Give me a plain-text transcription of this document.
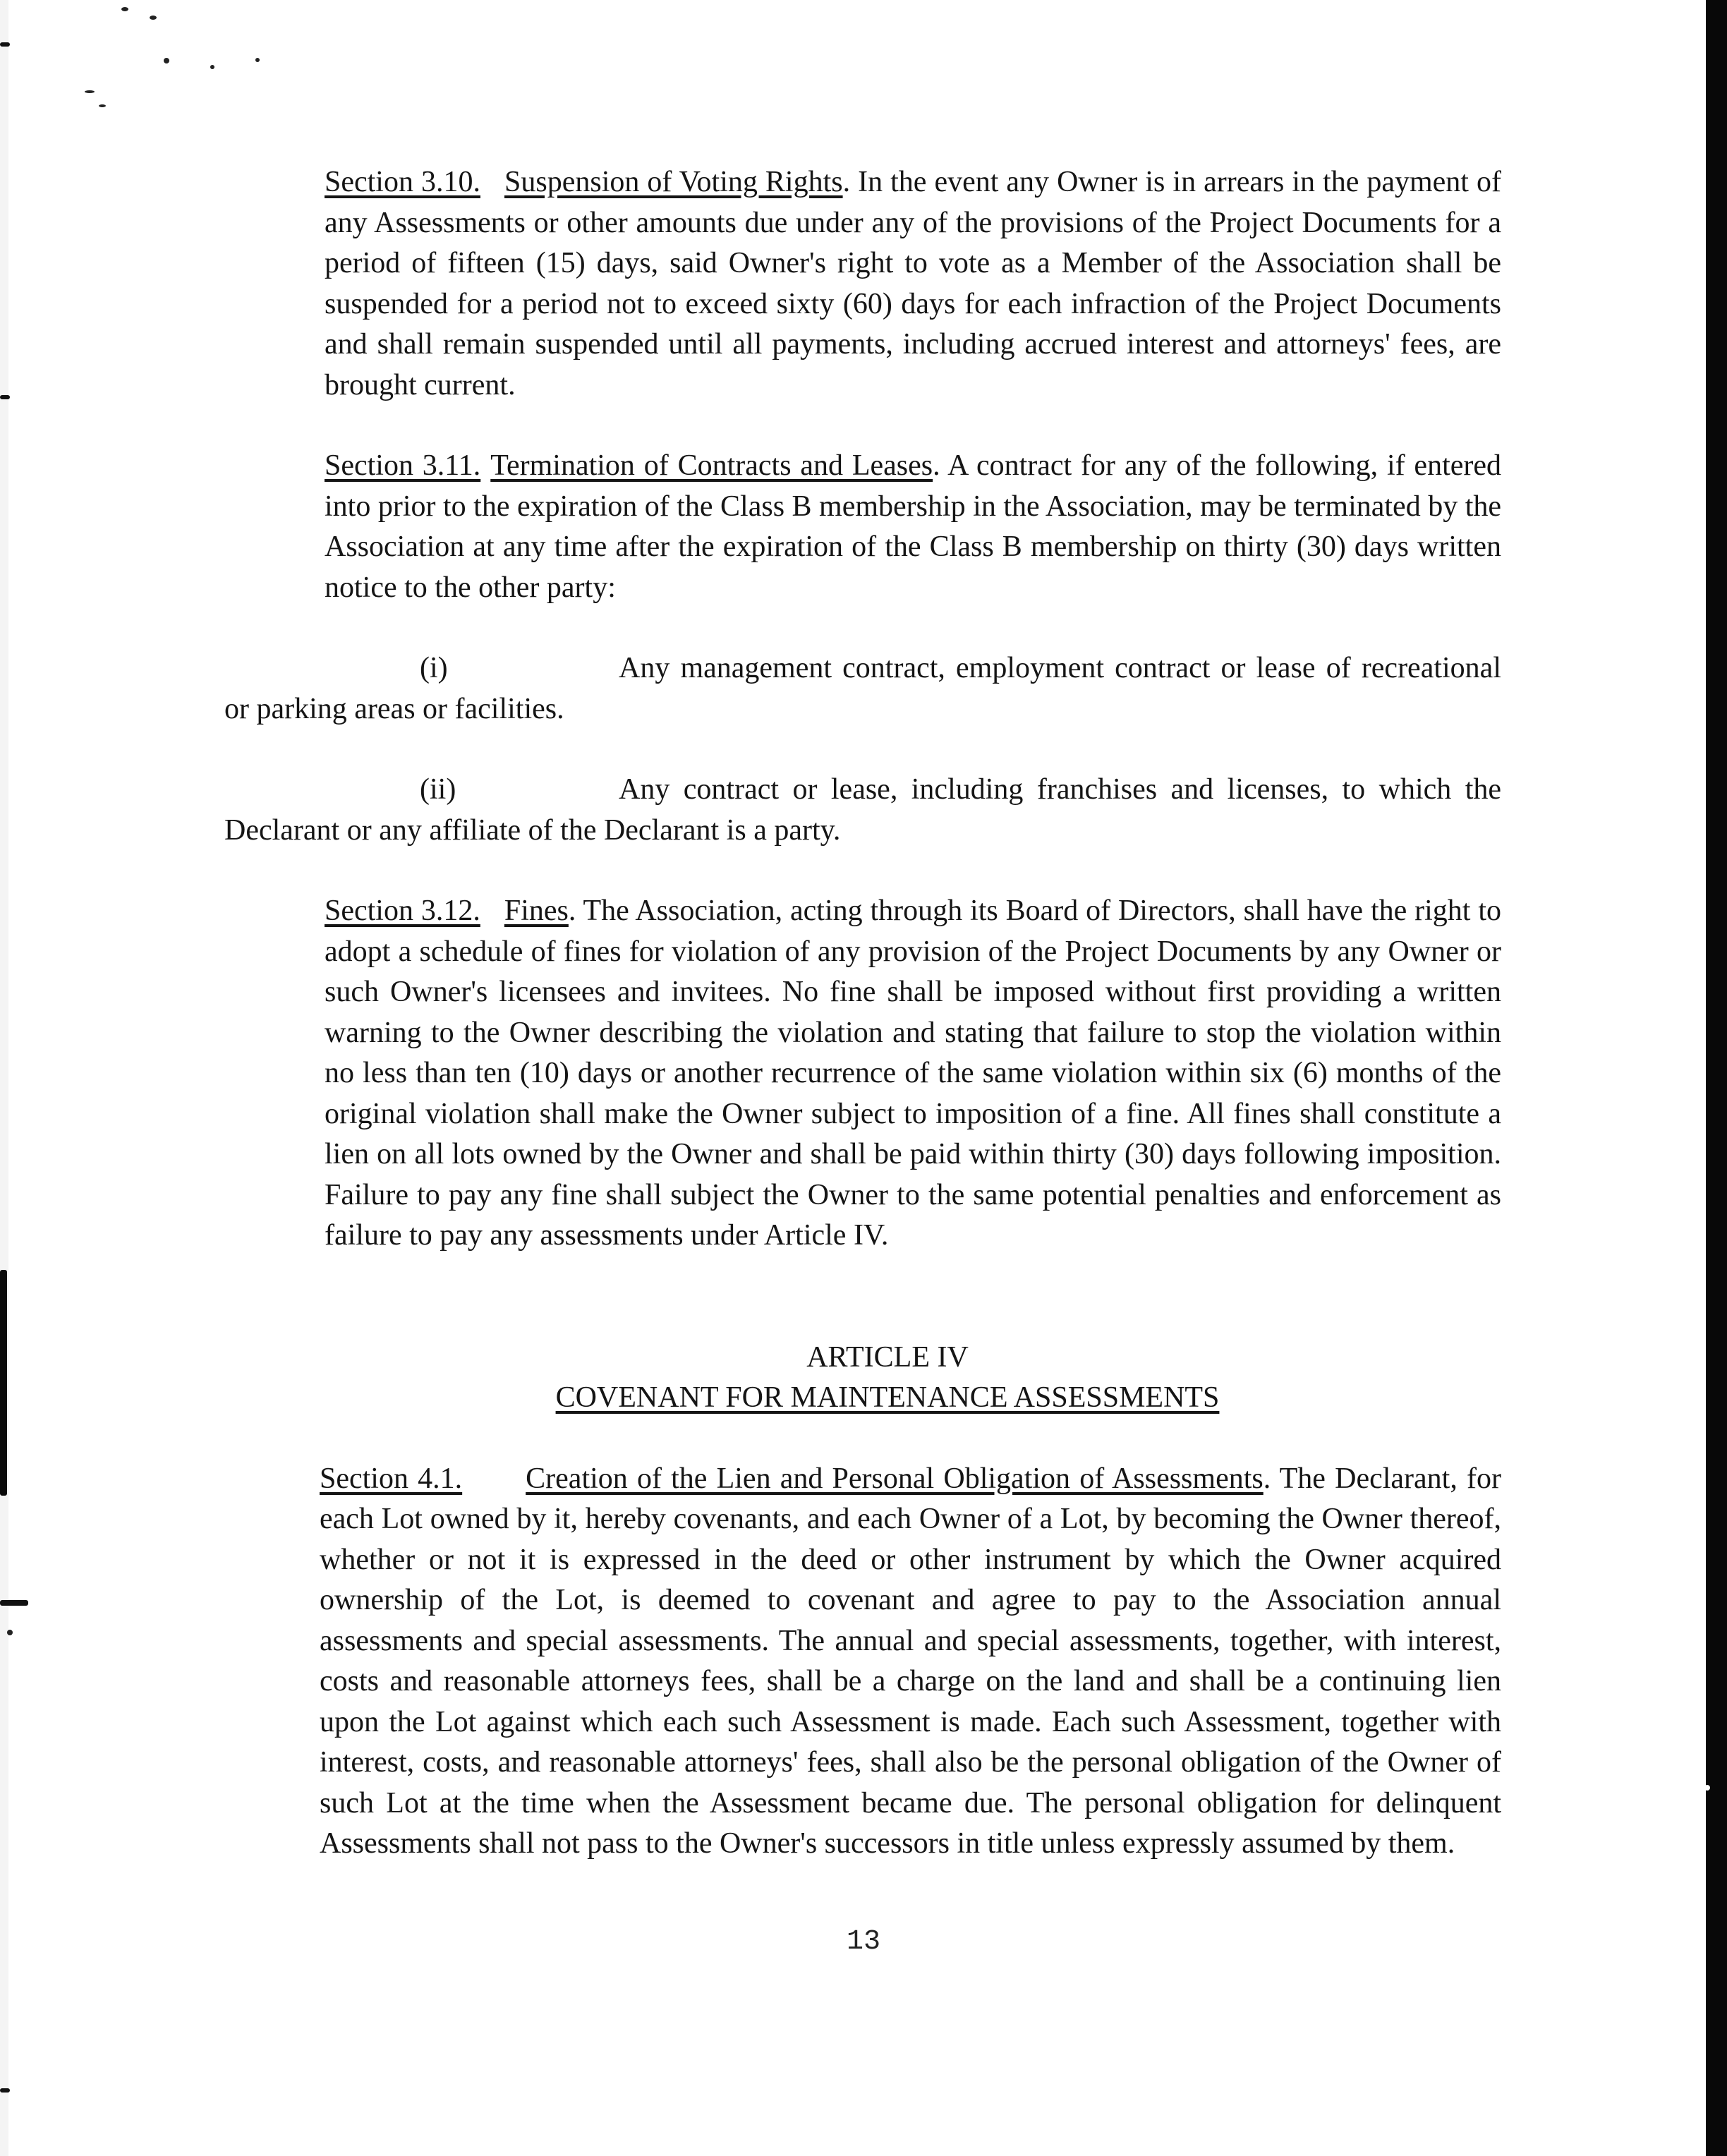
Section 3.10. Suspension of Voting Rights. In the event any Owner is in arrears in the payment of any Assessments or other amounts due under any of the provisions of the Project Documents for a period of fifteen (15) days, said Owner's right to vote as a Member of the Association shall be suspended for a period not to exceed sixty (60) days for each infraction of the Project Documents and shall remain suspended until all payments, including accrued interest and attorneys' fees, are brought current.

Section 3.11. Termination of Contracts and Leases. A contract for any of the following, if entered into prior to the expiration of the Class B membership in the Association, may be terminated by the Association at any time after the expiration of the Class B membership on thirty (30) days written notice to the other party:

(i)	Any management contract, employment contract or lease of recreational or parking areas or facilities.

(ii)	Any contract or lease, including franchises and licenses, to which the Declarant or any affiliate of the Declarant is a party.

Section 3.12. Fines. The Association, acting through its Board of Directors, shall have the right to adopt a schedule of fines for violation of any provision of the Project Documents by any Owner or such Owner's licensees and invitees. No fine shall be imposed without first providing a written warning to the Owner describing the violation and stating that failure to stop the violation within no less than ten (10) days or another recurrence of the same violation within six (6) months of the original violation shall make the Owner subject to imposition of a fine. All fines shall constitute a lien on all lots owned by the Owner and shall be paid within thirty (30) days following imposition. Failure to pay any fine shall subject the Owner to the same potential penalties and enforcement as failure to pay any assessments under Article IV.

ARTICLE IV
COVENANT FOR MAINTENANCE ASSESSMENTS

Section 4.1. Creation of the Lien and Personal Obligation of Assessments. The Declarant, for each Lot owned by it, hereby covenants, and each Owner of a Lot, by becoming the Owner thereof, whether or not it is expressed in the deed or other instrument by which the Owner acquired ownership of the Lot, is deemed to covenant and agree to pay to the Association annual assessments and special assessments. The annual and special assessments, together, with interest, costs and reasonable attorneys fees, shall be a charge on the land and shall be a continuing lien upon the Lot against which each such Assessment is made. Each such Assessment, together with interest, costs, and reasonable attorneys' fees, shall also be the personal obligation of the Owner of such Lot at the time when the Assessment became due. The personal obligation for delinquent Assessments shall not pass to the Owner's successors in title unless expressly assumed by them.

13
